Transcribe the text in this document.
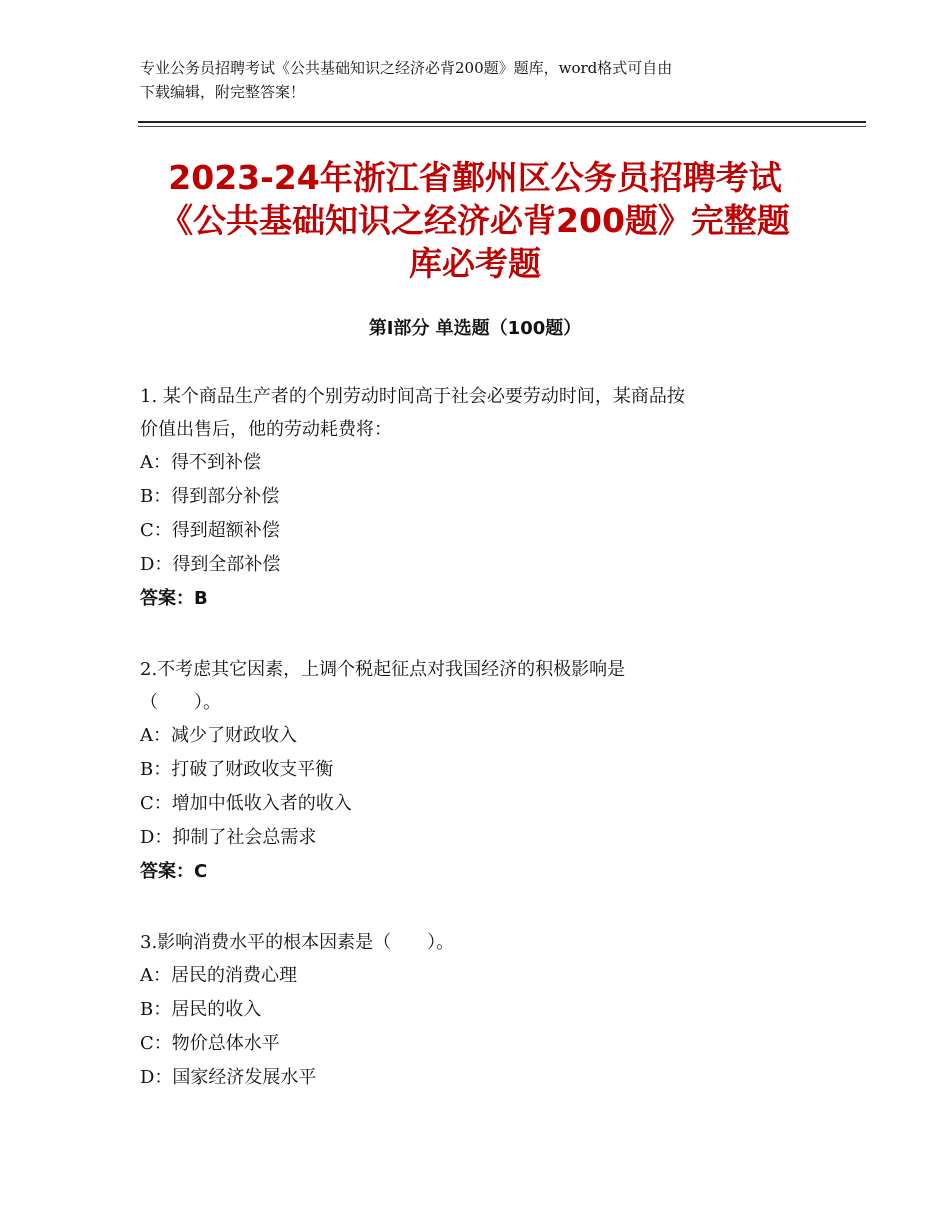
专业公务员招聘考试《公共基础知识之经济必背200题》题库，word格式可自由
下载编辑，附完整答案！
2023-24年浙江省鄞州区公务员招聘考试
《公共基础知识之经济必背200题》完整题
库必考题
第Ⅰ部分 单选题（100题）
1. 某个商品生产者的个别劳动时间高于社会必要劳动时间，某商品按
价值出售后，他的劳动耗费将：
A：得不到补偿
B：得到部分补偿
C：得到超额补偿
D：得到全部补偿
答案：B
2.不考虑其它因素，上调个税起征点对我国经济的积极影响是
（　　）。
A：减少了财政收入
B：打破了财政收支平衡
C：增加中低收入者的收入
D：抑制了社会总需求
答案：C
3.影响消费水平的根本因素是（　　）。
A：居民的消费心理
B：居民的收入
C：物价总体水平
D：国家经济发展水平
